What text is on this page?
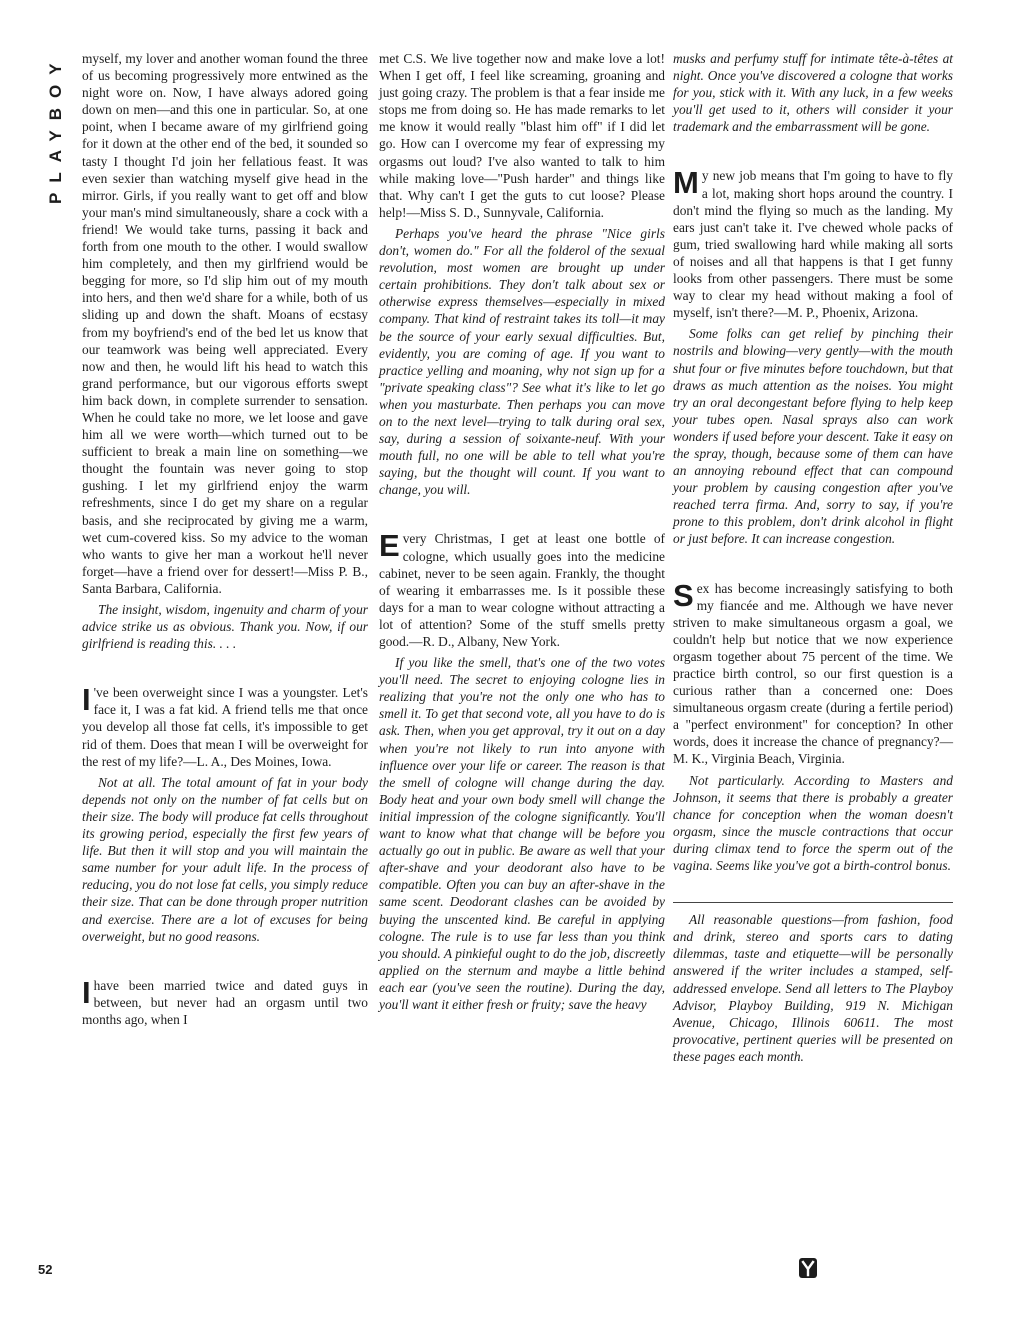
PLAYBOY
52

myself, my lover and another woman found the three of us becoming progressively more entwined as the night wore on. Now, I have always adored going down on men—and this one in particular. So, at one point, when I became aware of my girlfriend going for it down at the other end of the bed, it sounded so tasty I thought I'd join her fellatious feast. It was even sexier than watching myself give head in the mirror. Girls, if you really want to get off and blow your man's mind simultaneously, share a cock with a friend! We would take turns, passing it back and forth from one mouth to the other. I would swallow him completely, and then my girlfriend would be begging for more, so I'd slip him out of my mouth into hers, and then we'd share for a while, both of us sliding up and down the shaft. Moans of ecstasy from my boyfriend's end of the bed let us know that our teamwork was being well appreciated. Every now and then, he would lift his head to watch this grand performance, but our vigorous efforts swept him back down, in complete surrender to sensation. When he could take no more, we let loose and gave him all we were worth—which turned out to be sufficient to break a main line on something—we thought the fountain was never going to stop gushing. I let my girlfriend enjoy the warm refreshments, since I do get my share on a regular basis, and she reciprocated by giving me a warm, wet cum-covered kiss. So my advice to the woman who wants to give her man a workout he'll never forget—have a friend over for dessert!—Miss P. B., Santa Barbara, California.

The insight, wisdom, ingenuity and charm of your advice strike us as obvious. Thank you. Now, if our girlfriend is reading this. . . .

I 've been overweight since I was a youngster. Let's face it, I was a fat kid. A friend tells me that once you develop all those fat cells, it's impossible to get rid of them. Does that mean I will be overweight for the rest of my life?—L. A., Des Moines, Iowa.

Not at all. The total amount of fat in your body depends not only on the number of fat cells but on their size. The body will produce fat cells throughout its growing period, especially the first few years of life. But then it will stop and you will maintain the same number for your adult life. In the process of reducing, you do not lose fat cells, you simply reduce their size. That can be done through proper nutrition and exercise. There are a lot of excuses for being overweight, but no good reasons.

I have been married twice and dated guys in between, but never had an orgasm until two months ago, when I

met C.S. We live together now and make love a lot! When I get off, I feel like screaming, groaning and just going crazy. The problem is that a fear inside me stops me from doing so. He has made remarks to let me know it would really "blast him off" if I did let go. How can I overcome my fear of expressing my orgasms out loud? I've also wanted to talk to him while making love—"Push harder" and things like that. Why can't I get the guts to cut loose? Please help!—Miss S. D., Sunnyvale, California.

Perhaps you've heard the phrase "Nice girls don't, women do." For all the folderol of the sexual revolution, most women are brought up under certain prohibitions. They don't talk about sex or otherwise express themselves—especially in mixed company. That kind of restraint takes its toll—it may be the source of your early sexual difficulties. But, evidently, you are coming of age. If you want to practice yelling and moaning, why not sign up for a "private speaking class"? See what it's like to let go when you masturbate. Then perhaps you can move on to the next level—trying to talk during oral sex, say, during a session of soixante-neuf. With your mouth full, no one will be able to tell what you're saying, but the thought will count. If you want to change, you will.

Every Christmas, I get at least one bottle of cologne, which usually goes into the medicine cabinet, never to be seen again. Frankly, the thought of wearing it embarrasses me. Is it possible these days for a man to wear cologne without attracting a lot of attention? Some of the stuff smells pretty good.—R. D., Albany, New York.

If you like the smell, that's one of the two votes you'll need. The secret to enjoying cologne lies in realizing that you're not the only one who has to smell it. To get that second vote, all you have to do is ask. Then, when you get approval, try it out on a day when you're not likely to run into anyone with influence over your life or career. The reason is that the smell of cologne will change during the day. Body heat and your own body smell will change the initial impression of the cologne significantly. You'll want to know what that change will be before you actually go out in public. Be aware as well that your after-shave and your deodorant also have to be compatible. Often you can buy an after-shave in the same scent. Deodorant clashes can be avoided by buying the unscented kind. Be careful in applying cologne. The rule is to use far less than you think you should. A pinkieful ought to do the job, discreetly applied on the sternum and maybe a little behind each ear (you've seen the routine). During the day, you'll want it either fresh or fruity; save the heavy

musks and perfumy stuff for intimate tête-à-têtes at night. Once you've discovered a cologne that works for you, stick with it. With any luck, in a few weeks you'll get used to it, others will consider it your trademark and the embarrassment will be gone.

My new job means that I'm going to have to fly a lot, making short hops around the country. I don't mind the flying so much as the landing. My ears just can't take it. I've chewed whole packs of gum, tried swallowing hard while making all sorts of noises and all that happens is that I get funny looks from other passengers. There must be some way to clear my head without making a fool of myself, isn't there?—M. P., Phoenix, Arizona.

Some folks can get relief by pinching their nostrils and blowing—very gently—with the mouth shut four or five minutes before touchdown, but that draws as much attention as the noises. You might try an oral decongestant before flying to help keep your tubes open. Nasal sprays also can work wonders if used before your descent. Take it easy on the spray, though, because some of them can have an annoying rebound effect that can compound your problem by causing congestion after you've reached terra firma. And, sorry to say, if you're prone to this problem, don't drink alcohol in flight or just before. It can increase congestion.

Sex has become increasingly satisfying to both my fiancée and me. Although we have never striven to make simultaneous orgasm a goal, we couldn't help but notice that we now experience orgasm together about 75 percent of the time. We practice birth control, so our first question is a curious rather than a concerned one: Does simultaneous orgasm create (during a fertile period) a "perfect environment" for conception? In other words, does it increase the chance of pregnancy?—M. K., Virginia Beach, Virginia.

Not particularly. According to Masters and Johnson, it seems that there is probably a greater chance for conception when the woman doesn't orgasm, since the muscle contractions that occur during climax tend to force the sperm out of the vagina. Seems like you've got a birth-control bonus.

All reasonable questions—from fashion, food and drink, stereo and sports cars to dating dilemmas, taste and etiquette—will be personally answered if the writer includes a stamped, self-addressed envelope. Send all letters to The Playboy Advisor, Playboy Building, 919 N. Michigan Avenue, Chicago, Illinois 60611. The most provocative, pertinent queries will be presented on these pages each month.
